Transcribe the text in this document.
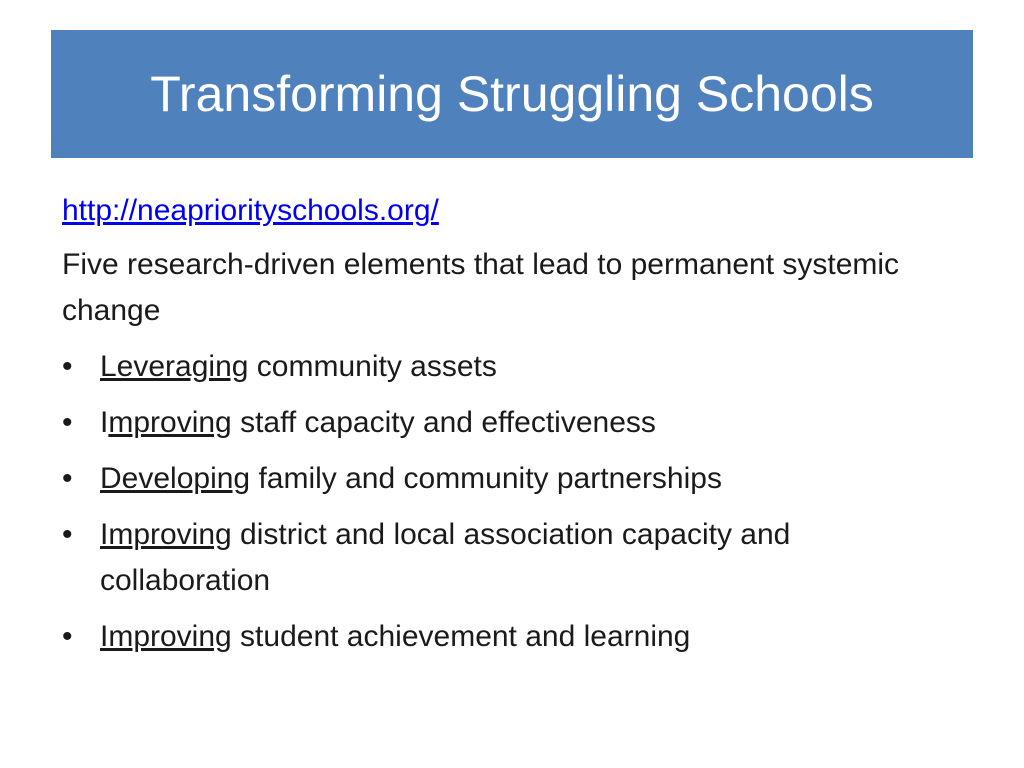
Transforming Struggling Schools
http://neapriorityschools.org/
Five research-driven elements that lead to permanent systemic change
• Leveraging community assets
• Improving staff capacity and effectiveness
• Developing family and community partnerships
• Improving district and local association capacity and collaboration
• Improving student achievement and learning
